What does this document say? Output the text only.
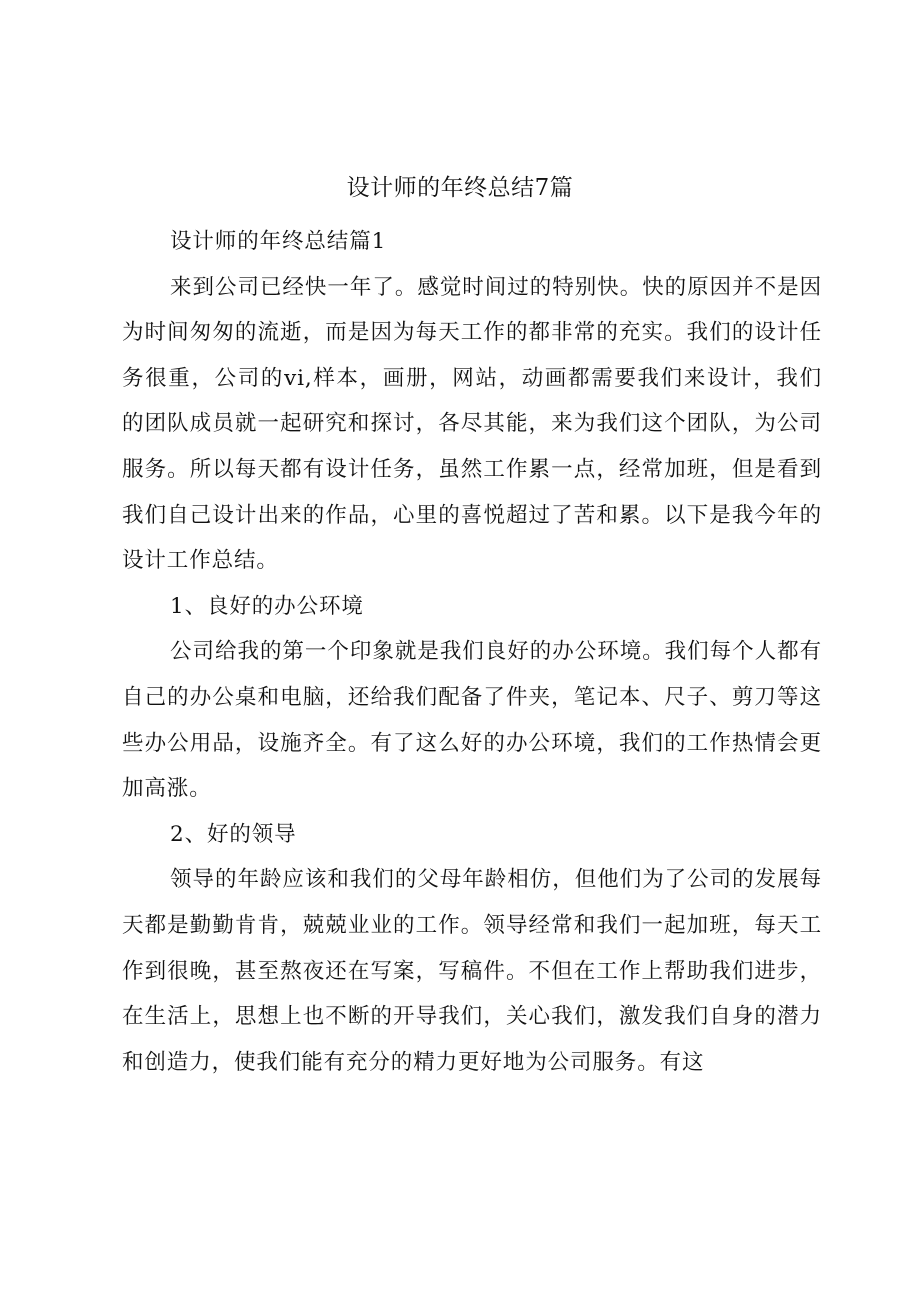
设计师的年终总结7篇

设计师的年终总结篇1

来到公司已经快一年了。感觉时间过的特别快。快的原因并不是因为时间匆匆的流逝，而是因为每天工作的都非常的充实。我们的设计任务很重，公司的vi,样本，画册，网站，动画都需要我们来设计，我们的团队成员就一起研究和探讨，各尽其能，来为我们这个团队，为公司服务。所以每天都有设计任务，虽然工作累一点，经常加班，但是看到我们自己设计出来的作品，心里的喜悦超过了苦和累。以下是我今年的设计工作总结。

1、良好的办公环境

公司给我的第一个印象就是我们良好的办公环境。我们每个人都有自己的办公桌和电脑，还给我们配备了件夹，笔记本、尺子、剪刀等这些办公用品，设施齐全。有了这么好的办公环境，我们的工作热情会更加高涨。

2、好的领导

领导的年龄应该和我们的父母年龄相仿，但他们为了公司的发展每天都是勤勤肯肯，兢兢业业的工作。领导经常和我们一起加班，每天工作到很晚，甚至熬夜还在写案，写稿件。不但在工作上帮助我们进步，在生活上，思想上也不断的开导我们，关心我们，激发我们自身的潜力和创造力，使我们能有充分的精力更好地为公司服务。有这
